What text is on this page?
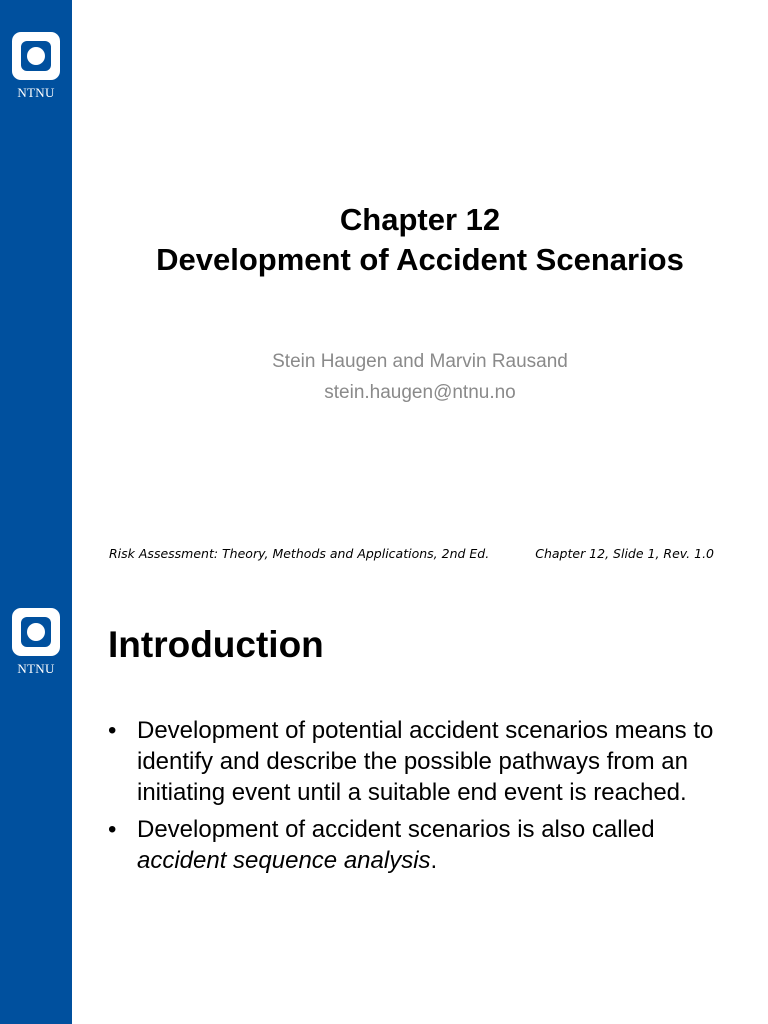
NTNU
Chapter 12
Development of Accident Scenarios
Stein Haugen and Marvin Rausand
stein.haugen@ntnu.no
Risk Assessment: Theory, Methods and Applications, 2nd Ed.	Chapter 12, Slide 1, Rev. 1.0
NTNU
Introduction
• Development of potential accident scenarios means to identify and describe the possible pathways from an initiating event until a suitable end event is reached.
• Development of accident scenarios is also called
accident sequence analysis.
